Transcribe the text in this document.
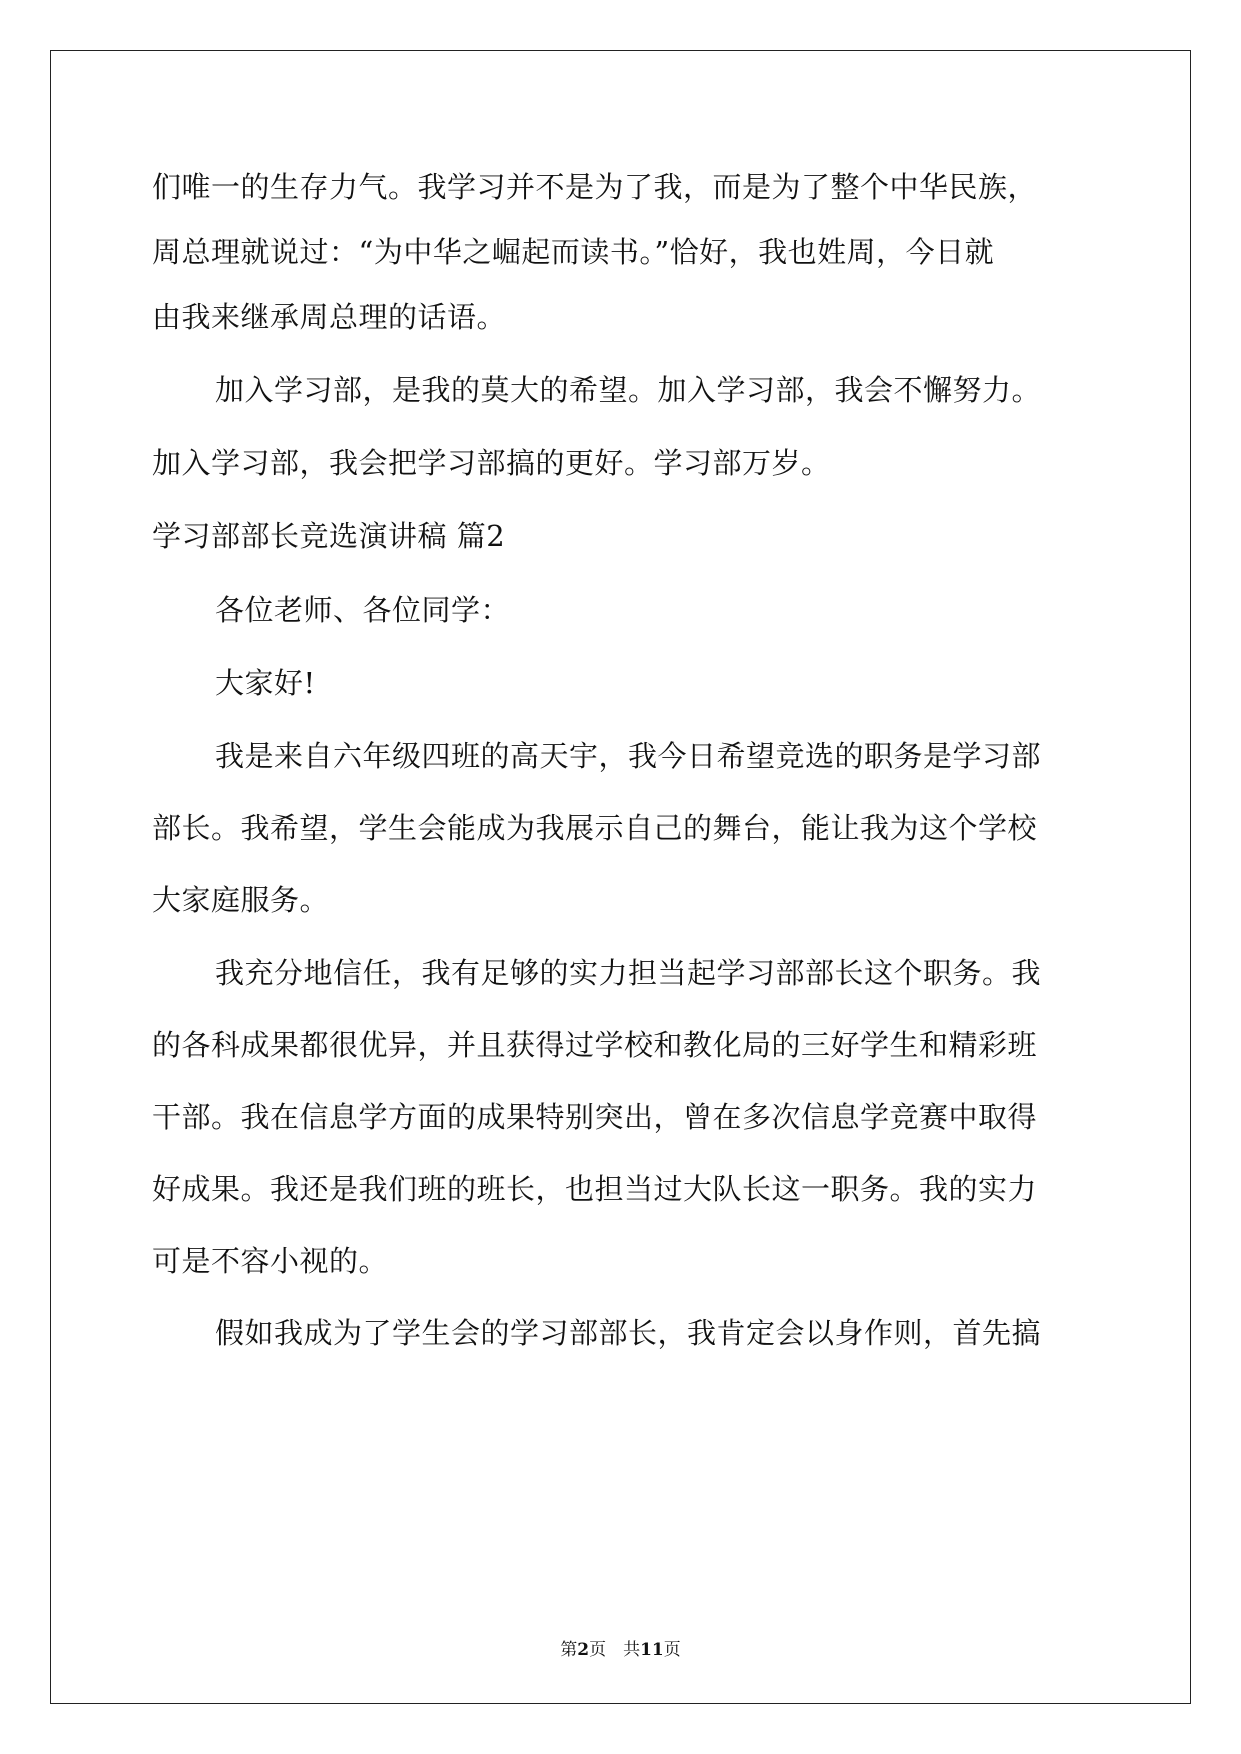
们唯一的生存力气。我学习并不是为了我，而是为了整个中华民族，
周总理就说过：“为中华之崛起而读书。”恰好，我也姓周，今日就
由我来继承周总理的话语。
加入学习部，是我的莫大的希望。加入学习部，我会不懈努力。
加入学习部，我会把学习部搞的更好。学习部万岁。
学习部部长竞选演讲稿 篇2
各位老师、各位同学：
大家好!
我是来自六年级四班的高天宇，我今日希望竞选的职务是学习部
部长。我希望，学生会能成为我展示自己的舞台，能让我为这个学校
大家庭服务。
我充分地信任，我有足够的实力担当起学习部部长这个职务。我
的各科成果都很优异，并且获得过学校和教化局的三好学生和精彩班
干部。我在信息学方面的成果特别突出，曾在多次信息学竞赛中取得
好成果。我还是我们班的班长，也担当过大队长这一职务。我的实力
可是不容小视的。
假如我成为了学生会的学习部部长，我肯定会以身作则，首先搞
第2页　共11页
